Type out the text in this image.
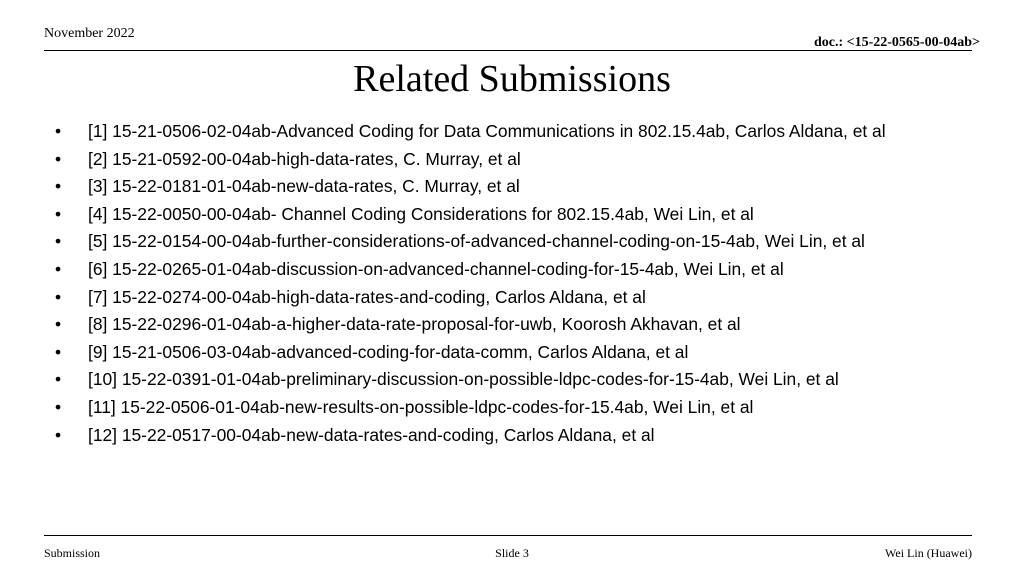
November 2022
doc.: <15-22-0565-00-04ab>
Related Submissions
•	[1] 15-21-0506-02-04ab-Advanced Coding for Data Communications in 802.15.4ab, Carlos Aldana, et al
•	[2] 15-21-0592-00-04ab-high-data-rates, C. Murray, et al
•	[3] 15-22-0181-01-04ab-new-data-rates, C. Murray, et al
•	[4] 15-22-0050-00-04ab- Channel Coding Considerations for 802.15.4ab, Wei Lin, et al
•	[5] 15-22-0154-00-04ab-further-considerations-of-advanced-channel-coding-on-15-4ab, Wei Lin, et al
•	[6] 15-22-0265-01-04ab-discussion-on-advanced-channel-coding-for-15-4ab, Wei Lin, et al
•	[7] 15-22-0274-00-04ab-high-data-rates-and-coding, Carlos Aldana, et al
•	[8] 15-22-0296-01-04ab-a-higher-data-rate-proposal-for-uwb, Koorosh Akhavan, et al
•	[9] 15-21-0506-03-04ab-advanced-coding-for-data-comm, Carlos Aldana, et al
•	[10] 15-22-0391-01-04ab-preliminary-discussion-on-possible-ldpc-codes-for-15-4ab, Wei Lin, et al
•	[11] 15-22-0506-01-04ab-new-results-on-possible-ldpc-codes-for-15.4ab, Wei Lin, et al
•	[12] 15-22-0517-00-04ab-new-data-rates-and-coding, Carlos Aldana, et al
Submission	Slide 3	Wei Lin (Huawei)
